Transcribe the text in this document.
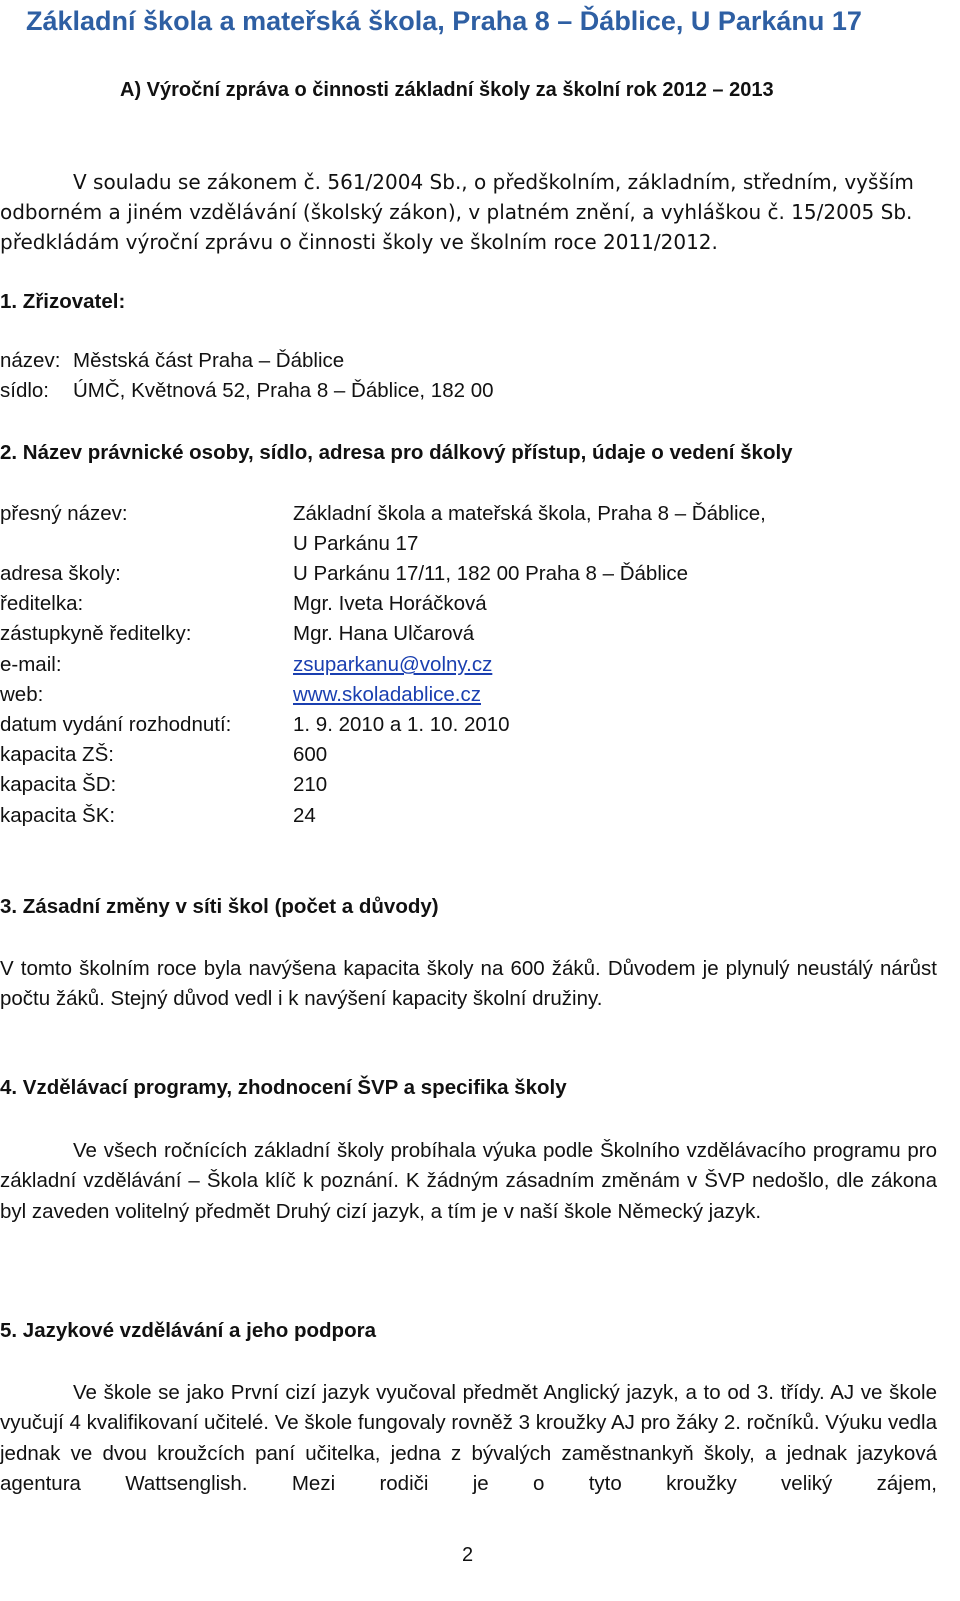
Základní škola a mateřská škola, Praha 8 – Ďáblice, U Parkánu 17
A) Výroční zpráva o činnosti základní školy za školní rok 2012 – 2013
V souladu se zákonem č. 561/2004 Sb., o předškolním, základním, středním, vyšším
odborném a jiném vzdělávání (školský zákon), v platném znění, a vyhláškou č. 15/2005 Sb.
předkládám výroční zprávu o činnosti školy ve školním roce 2011/2012.
1. Zřizovatel:
název: Městská část Praha – Ďáblice
sídlo: ÚMČ, Květnová 52, Praha 8 – Ďáblice, 182 00
2. Název právnické osoby, sídlo, adresa pro dálkový přístup, údaje o vedení školy
přesný název:	Základní škola a mateřská škola, Praha 8 – Ďáblice,
U Parkánu 17
adresa školy:	U Parkánu 17/11, 182 00 Praha 8 – Ďáblice
ředitelka:	Mgr. Iveta Horáčková
zástupkyně ředitelky:	Mgr. Hana Ulčarová
e-mail:	zsuparkanu@volny.cz
web:	www.skoladablice.cz
datum vydání rozhodnutí:	1. 9. 2010 a 1. 10. 2010
kapacita ZŠ:	600
kapacita ŠD:	210
kapacita ŠK:	24
3. Zásadní změny v síti škol (počet a důvody)
V tomto školním roce byla navýšena kapacita školy na 600 žáků. Důvodem je plynulý neustálý nárůst počtu žáků. Stejný důvod vedl i k navýšení kapacity školní družiny.
4. Vzdělávací programy, zhodnocení ŠVP a specifika školy
Ve všech ročnících základní školy probíhala výuka podle Školního vzdělávacího programu pro základní vzdělávání – Škola klíč k poznání. K žádným zásadním změnám v ŠVP nedošlo, dle zákona byl zaveden volitelný předmět Druhý cizí jazyk, a tím je v naší škole Německý jazyk.
5. Jazykové vzdělávání a jeho podpora
Ve škole se jako První cizí jazyk vyučoval předmět Anglický jazyk, a to od 3. třídy. AJ ve škole vyučují 4 kvalifikovaní učitelé. Ve škole fungovaly rovněž 3 kroužky AJ pro žáky 2. ročníků. Výuku vedla jednak ve dvou kroužcích paní učitelka, jedna z bývalých zaměstnankyň školy, a jednak jazyková agentura Wattsenglish. Mezi rodiči je o tyto kroužky veliký zájem,
2
